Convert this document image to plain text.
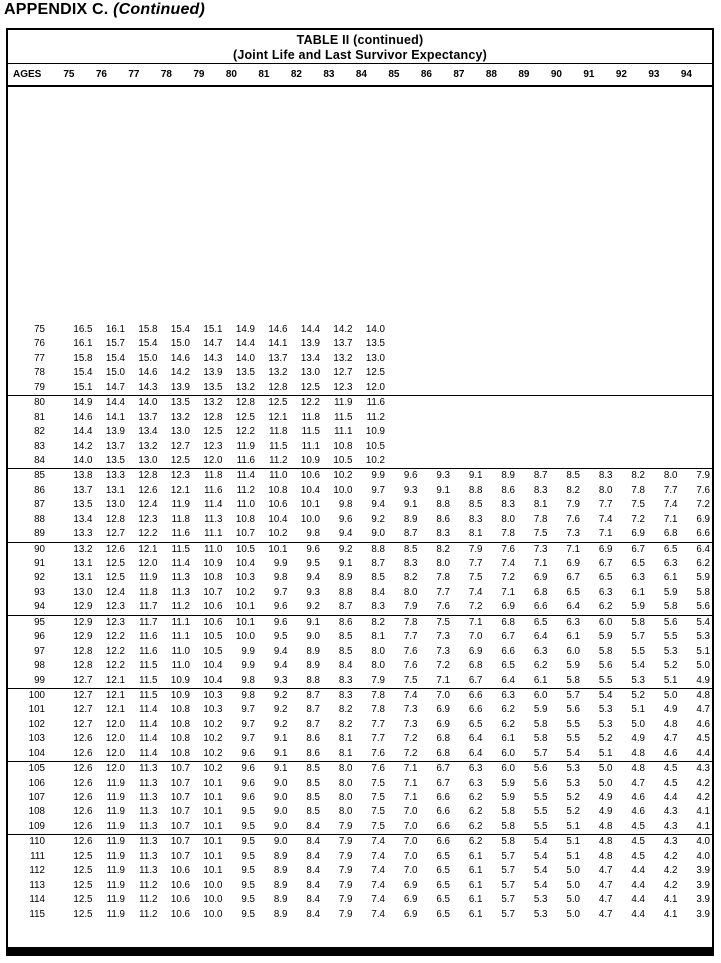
APPENDIX C. (Continued)
TABLE II (continued)
(Joint Life and Last Survivor Expectancy)
AGES	75	76	77	78	79	80	81	82	83	84	85	86	87	88	89	90	91	92	93	94
75	16.5	16.1	15.8	15.4	15.1	14.9	14.6	14.4	14.2	14.0
76	16.1	15.7	15.4	15.0	14.7	14.4	14.1	13.9	13.7	13.5
77	15.8	15.4	15.0	14.6	14.3	14.0	13.7	13.4	13.2	13.0
78	15.4	15.0	14.6	14.2	13.9	13.5	13.2	13.0	12.7	12.5
79	15.1	14.7	14.3	13.9	13.5	13.2	12.8	12.5	12.3	12.0
80	14.9	14.4	14.0	13.5	13.2	12.8	12.5	12.2	11.9	11.6
81	14.6	14.1	13.7	13.2	12.8	12.5	12.1	11.8	11.5	11.2
82	14.4	13.9	13.4	13.0	12.5	12.2	11.8	11.5	11.1	10.9
83	14.2	13.7	13.2	12.7	12.3	11.9	11.5	11.1	10.8	10.5
84	14.0	13.5	13.0	12.5	12.0	11.6	11.2	10.9	10.5	10.2
85	13.8	13.3	12.8	12.3	11.8	11.4	11.0	10.6	10.2	9.9	9.6	9.3	9.1	8.9	8.7	8.5	8.3	8.2	8.0	7.9
86	13.7	13.1	12.6	12.1	11.6	11.2	10.8	10.4	10.0	9.7	9.3	9.1	8.8	8.6	8.3	8.2	8.0	7.8	7.7	7.6
87	13.5	13.0	12.4	11.9	11.4	11.0	10.6	10.1	9.8	9.4	9.1	8.8	8.5	8.3	8.1	7.9	7.7	7.5	7.4	7.2
88	13.4	12.8	12.3	11.8	11.3	10.8	10.4	10.0	9.6	9.2	8.9	8.6	8.3	8.0	7.8	7.6	7.4	7.2	7.1	6.9
89	13.3	12.7	12.2	11.6	11.1	10.7	10.2	9.8	9.4	9.0	8.7	8.3	8.1	7.8	7.5	7.3	7.1	6.9	6.8	6.6
90	13.2	12.6	12.1	11.5	11.0	10.5	10.1	9.6	9.2	8.8	8.5	8.2	7.9	7.6	7.3	7.1	6.9	6.7	6.5	6.4
91	13.1	12.5	12.0	11.4	10.9	10.4	9.9	9.5	9.1	8.7	8.3	8.0	7.7	7.4	7.1	6.9	6.7	6.5	6.3	6.2
92	13.1	12.5	11.9	11.3	10.8	10.3	9.8	9.4	8.9	8.5	8.2	7.8	7.5	7.2	6.9	6.7	6.5	6.3	6.1	5.9
93	13.0	12.4	11.8	11.3	10.7	10.2	9.7	9.3	8.8	8.4	8.0	7.7	7.4	7.1	6.8	6.5	6.3	6.1	5.9	5.8
94	12.9	12.3	11.7	11.2	10.6	10.1	9.6	9.2	8.7	8.3	7.9	7.6	7.2	6.9	6.6	6.4	6.2	5.9	5.8	5.6
95	12.9	12.3	11.7	11.1	10.6	10.1	9.6	9.1	8.6	8.2	7.8	7.5	7.1	6.8	6.5	6.3	6.0	5.8	5.6	5.4
96	12.9	12.2	11.6	11.1	10.5	10.0	9.5	9.0	8.5	8.1	7.7	7.3	7.0	6.7	6.4	6.1	5.9	5.7	5.5	5.3
97	12.8	12.2	11.6	11.0	10.5	9.9	9.4	8.9	8.5	8.0	7.6	7.3	6.9	6.6	6.3	6.0	5.8	5.5	5.3	5.1
98	12.8	12.2	11.5	11.0	10.4	9.9	9.4	8.9	8.4	8.0	7.6	7.2	6.8	6.5	6.2	5.9	5.6	5.4	5.2	5.0
99	12.7	12.1	11.5	10.9	10.4	9.8	9.3	8.8	8.3	7.9	7.5	7.1	6.7	6.4	6.1	5.8	5.5	5.3	5.1	4.9
100	12.7	12.1	11.5	10.9	10.3	9.8	9.2	8.7	8.3	7.8	7.4	7.0	6.6	6.3	6.0	5.7	5.4	5.2	5.0	4.8
101	12.7	12.1	11.4	10.8	10.3	9.7	9.2	8.7	8.2	7.8	7.3	6.9	6.6	6.2	5.9	5.6	5.3	5.1	4.9	4.7
102	12.7	12.0	11.4	10.8	10.2	9.7	9.2	8.7	8.2	7.7	7.3	6.9	6.5	6.2	5.8	5.5	5.3	5.0	4.8	4.6
103	12.6	12.0	11.4	10.8	10.2	9.7	9.1	8.6	8.1	7.7	7.2	6.8	6.4	6.1	5.8	5.5	5.2	4.9	4.7	4.5
104	12.6	12.0	11.4	10.8	10.2	9.6	9.1	8.6	8.1	7.6	7.2	6.8	6.4	6.0	5.7	5.4	5.1	4.8	4.6	4.4
105	12.6	12.0	11.3	10.7	10.2	9.6	9.1	8.5	8.0	7.6	7.1	6.7	6.3	6.0	5.6	5.3	5.0	4.8	4.5	4.3
106	12.6	11.9	11.3	10.7	10.1	9.6	9.0	8.5	8.0	7.5	7.1	6.7	6.3	5.9	5.6	5.3	5.0	4.7	4.5	4.2
107	12.6	11.9	11.3	10.7	10.1	9.6	9.0	8.5	8.0	7.5	7.1	6.6	6.2	5.9	5.5	5.2	4.9	4.6	4.4	4.2
108	12.6	11.9	11.3	10.7	10.1	9.5	9.0	8.5	8.0	7.5	7.0	6.6	6.2	5.8	5.5	5.2	4.9	4.6	4.3	4.1
109	12.6	11.9	11.3	10.7	10.1	9.5	9.0	8.4	7.9	7.5	7.0	6.6	6.2	5.8	5.5	5.1	4.8	4.5	4.3	4.1
110	12.6	11.9	11.3	10.7	10.1	9.5	9.0	8.4	7.9	7.4	7.0	6.6	6.2	5.8	5.4	5.1	4.8	4.5	4.3	4.0
111	12.5	11.9	11.3	10.7	10.1	9.5	8.9	8.4	7.9	7.4	7.0	6.5	6.1	5.7	5.4	5.1	4.8	4.5	4.2	4.0
112	12.5	11.9	11.3	10.6	10.1	9.5	8.9	8.4	7.9	7.4	7.0	6.5	6.1	5.7	5.4	5.0	4.7	4.4	4.2	3.9
113	12.5	11.9	11.2	10.6	10.0	9.5	8.9	8.4	7.9	7.4	6.9	6.5	6.1	5.7	5.4	5.0	4.7	4.4	4.2	3.9
114	12.5	11.9	11.2	10.6	10.0	9.5	8.9	8.4	7.9	7.4	6.9	6.5	6.1	5.7	5.3	5.0	4.7	4.4	4.1	3.9
115	12.5	11.9	11.2	10.6	10.0	9.5	8.9	8.4	7.9	7.4	6.9	6.5	6.1	5.7	5.3	5.0	4.7	4.4	4.1	3.9
